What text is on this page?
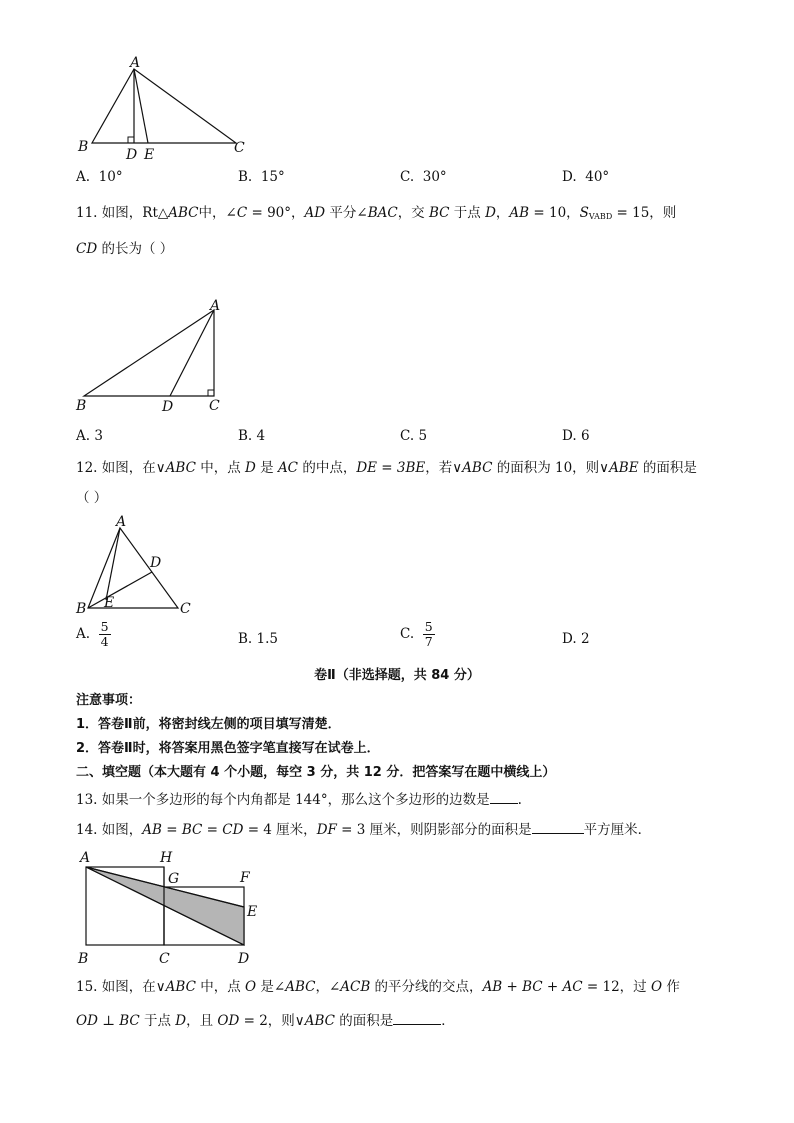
A
B	D E	C
A. 10°	B. 15°	C. 30°	D. 40°
11. 如图，Rt△ABC中，∠C = 90°，AD 平分∠BAC，交 BC 于点 D，AB = 10，$S_{VABD} = 15$，则
CD 的长为（ ）
A
B	D	C
A. 3	B. 4	C. 5	D. 6
12. 如图，在∨ABC 中，点 D 是 AC 的中点，DE = 3BE，若∨ABC 的面积为 10，则∨ABE 的面积是
（ ）
A
B E
D
C
A. $\frac{5}{4}$	B. 1.5	C. $\frac{5}{7}$	D. 2
卷Ⅱ（非选择题，共 84 分）
注意事项：
1．答卷Ⅱ前，将密封线左侧的项目填写清楚．
2．答卷Ⅱ时，将答案用黑色签字笔直接写在试卷上．
二、填空题（本大题有 4 个小题，每空 3 分，共 12 分．把答案写在题中横线上）
13. 如果一个多边形的每个内角都是 144°，那么这个多边形的边数是 .
14. 如图，AB = BC = CD = 4 厘米，DF = 3 厘米，则阴影部分的面积是	平方厘米．
A	H
G	F
E
B	C	D
15. 如图，在∨ABC 中，点 O 是∠ABC，∠ACB 的平分线的交点，AB + BC + AC = 12，过 O 作
OD ⊥ BC 于点 D，且 OD = 2，则∨ABC 的面积是	．
